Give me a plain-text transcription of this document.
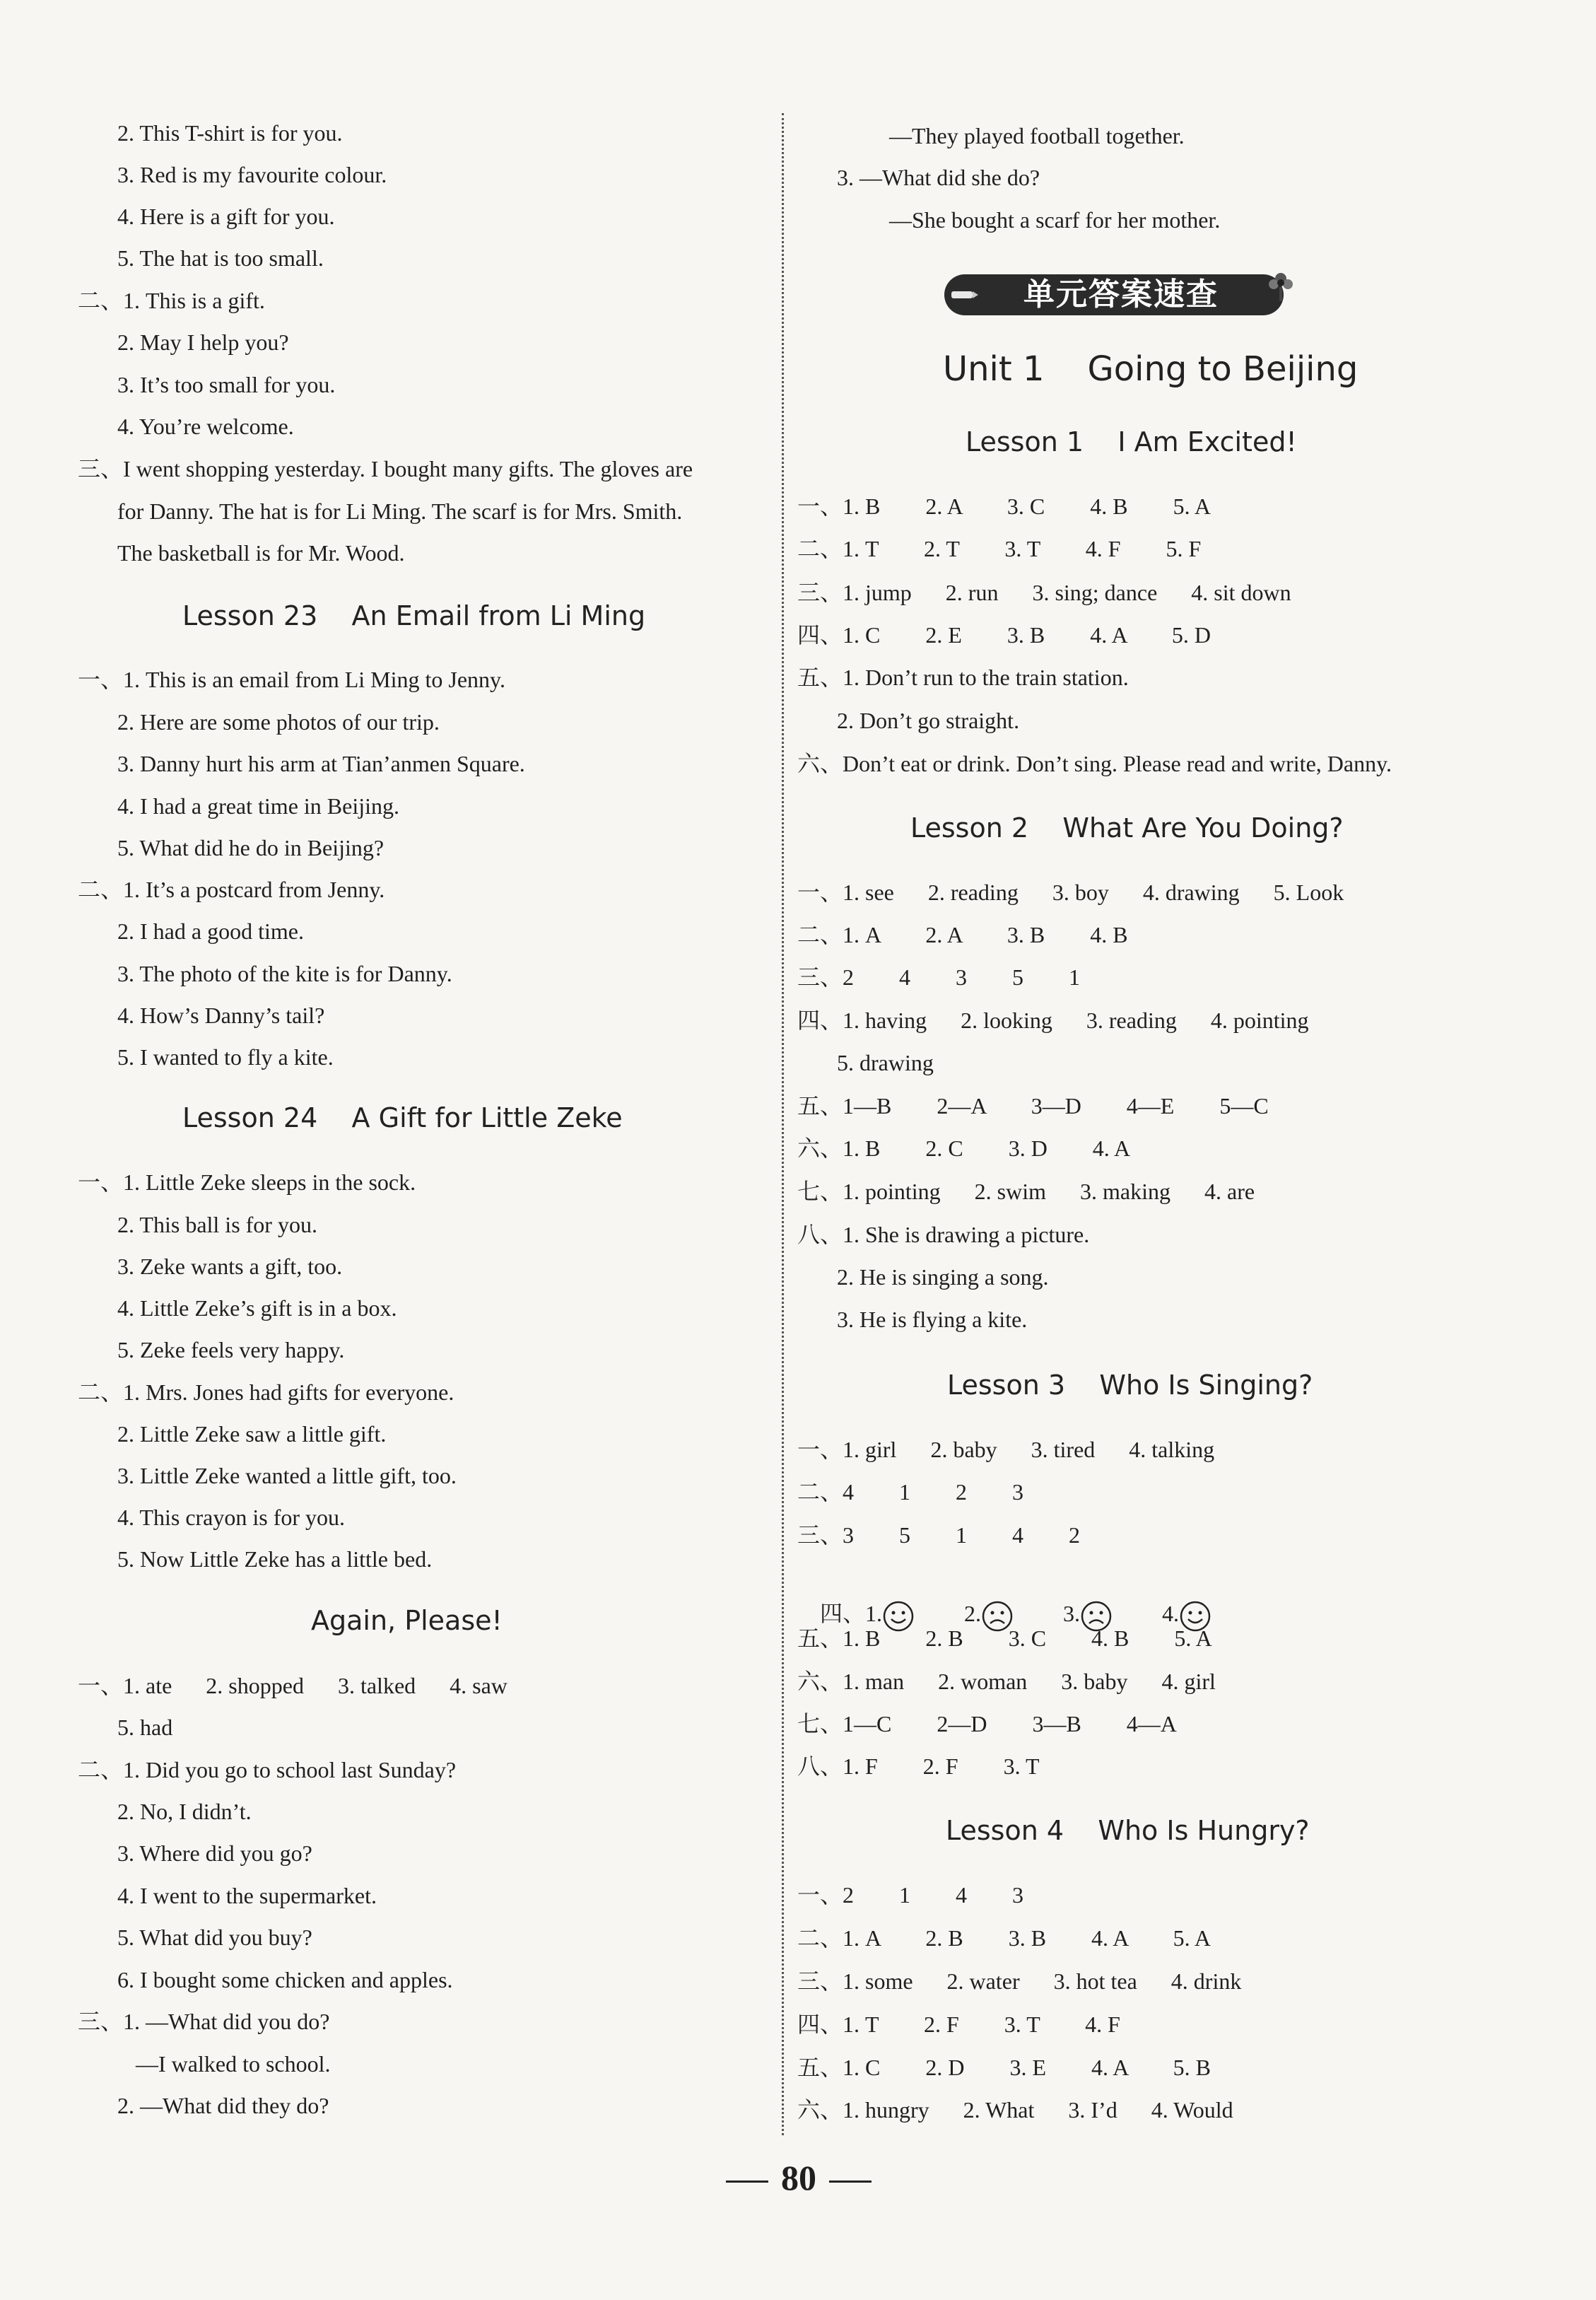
2. This T-shirt is for you.
3. Red is my favourite colour.
4. Here is a gift for you.
5. The hat is too small.
二、1. This is a gift.
2. May I help you?
3. It’s too small for you.
4. You’re welcome.
三、I went shopping yesterday. I bought many gifts. The gloves are
for Danny. The hat is for Li Ming. The scarf is for Mrs. Smith.
The basketball is for Mr. Wood.
Lesson 23    An Email from Li Ming
一、1. This is an email from Li Ming to Jenny.
2. Here are some photos of our trip.
3. Danny hurt his arm at Tian’anmen Square.
4. I had a great time in Beijing.
5. What did he do in Beijing?
二、1. It’s a postcard from Jenny.
2. I had a good time.
3. The photo of the kite is for Danny.
4. How’s Danny’s tail?
5. I wanted to fly a kite.
Lesson 24    A Gift for Little Zeke
一、1. Little Zeke sleeps in the sock.
2. This ball is for you.
3. Zeke wants a gift, too.
4. Little Zeke’s gift is in a box.
5. Zeke feels very happy.
二、1. Mrs. Jones had gifts for everyone.
2. Little Zeke saw a little gift.
3. Little Zeke wanted a little gift, too.
4. This crayon is for you.
5. Now Little Zeke has a little bed.
Again, Please!
一、1. ate      2. shopped      3. talked      4. saw
5. had
二、1. Did you go to school last Sunday?
2. No, I didn’t.
3. Where did you go?
4. I went to the supermarket.
5. What did you buy?
6. I bought some chicken and apples.
三、1. —What did you do?
—I walked to school.
2. —What did they do?
—They played football together.
3. —What did she do?
—She bought a scarf for her mother.
单元答案速查
Unit 1    Going to Beijing
Lesson 1    I Am Excited!
一、1. B        2. A        3. C        4. B        5. A
二、1. T        2. T        3. T        4. F        5. F
三、1. jump      2. run      3. sing; dance      4. sit down
四、1. C        2. E        3. B        4. A        5. D
五、1. Don’t run to the train station.
2. Don’t go straight.
六、Don’t eat or drink. Don’t sing. Please read and write, Danny.
Lesson 2    What Are You Doing?
一、1. see      2. reading      3. boy      4. drawing      5. Look
二、1. A        2. A        3. B        4. B
三、2        4        3        5        1
四、1. having      2. looking      3. reading      4. pointing
5. drawing
五、1—B        2—A        3—D        4—E        5—C
六、1. B        2. C        3. D        4. A
七、1. pointing      2. swim      3. making      4. are
八、1. She is drawing a picture.
2. He is singing a song.
3. He is flying a kite.
Lesson 3    Who Is Singing?
一、1. girl      2. baby      3. tired      4. talking
二、4        1        2        3
三、3        5        1        4        2

四、1.	2.	3.	4.

五、1. B        2. B        3. C        4. B        5. A
六、1. man      2. woman      3. baby      4. girl
七、1—C        2—D        3—B        4—A
八、1. F        2. F        3. T
Lesson 4    Who Is Hungry?
一、2        1        4        3
二、1. A        2. B        3. B        4. A        5. A
三、1. some      2. water      3. hot tea      4. drink
四、1. T        2. F        3. T        4. F
五、1. C        2. D        3. E        4. A        5. B
六、1. hungry      2. What      3. I’d      4. Would
80
